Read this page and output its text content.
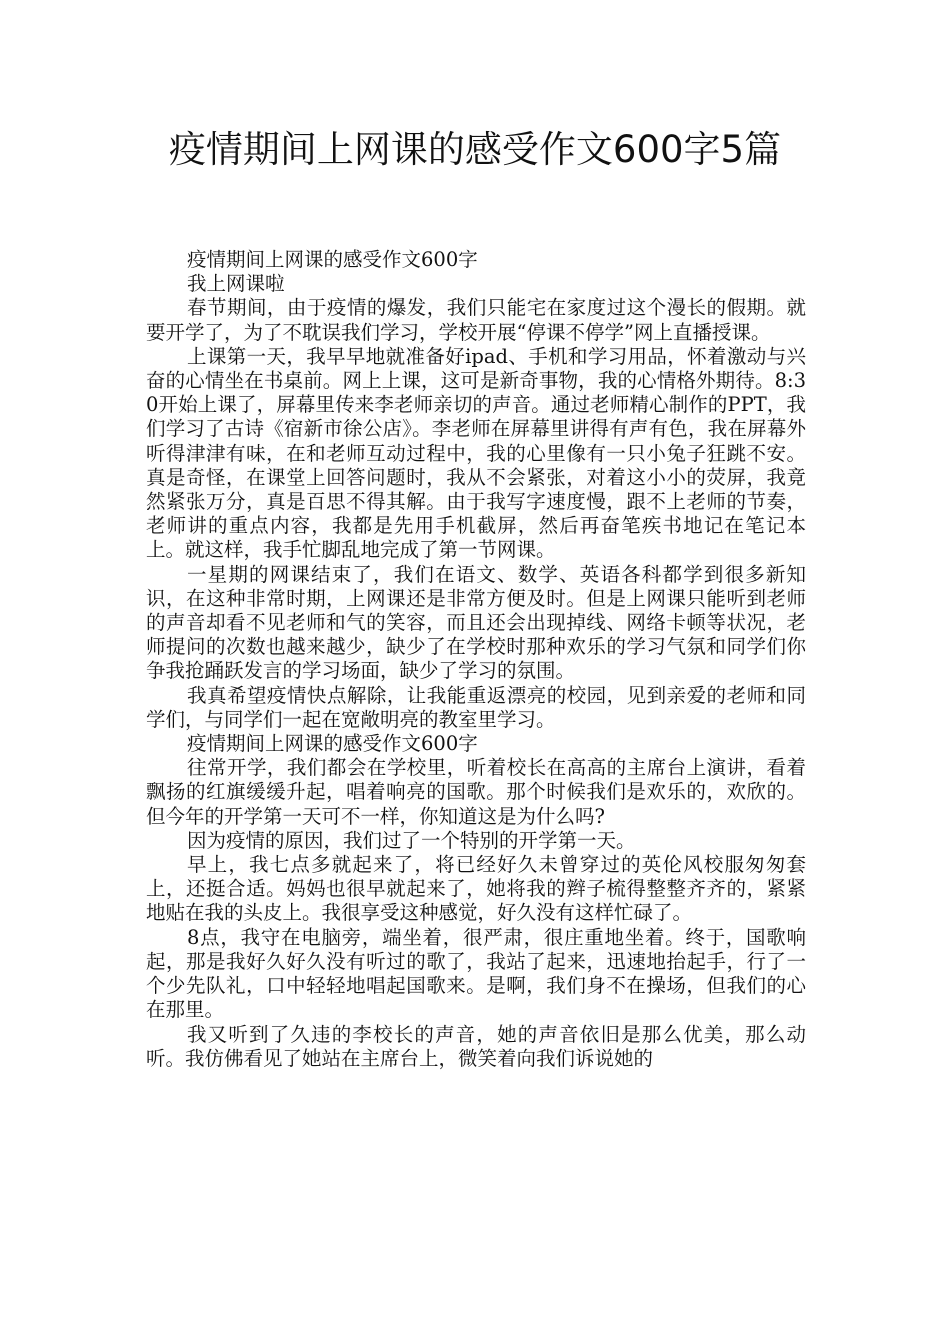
疫情期间上网课的感受作文600字5篇

疫情期间上网课的感受作文600字

我上网课啦

春节期间，由于疫情的爆发，我们只能宅在家度过这个漫长的假期。就要开学了，为了不耽误我们学习，学校开展“停课不停学”网上直播授课。

上课第一天，我早早地就准备好ipad、手机和学习用品，怀着激动与兴奋的心情坐在书桌前。网上上课，这可是新奇事物，我的心情格外期待。8:30开始上课了，屏幕里传来李老师亲切的声音。通过老师精心制作的PPT，我们学习了古诗《宿新市徐公店》。李老师在屏幕里讲得有声有色，我在屏幕外听得津津有味，在和老师互动过程中，我的心里像有一只小兔子狂跳不安。真是奇怪，在课堂上回答问题时，我从不会紧张，对着这小小的荧屏，我竟然紧张万分，真是百思不得其解。由于我写字速度慢，跟不上老师的节奏，老师讲的重点内容，我都是先用手机截屏，然后再奋笔疾书地记在笔记本上。就这样，我手忙脚乱地完成了第一节网课。

一星期的网课结束了，我们在语文、数学、英语各科都学到很多新知识，在这种非常时期，上网课还是非常方便及时。但是上网课只能听到老师的声音却看不见老师和气的笑容，而且还会出现掉线、网络卡顿等状况，老师提问的次数也越来越少，缺少了在学校时那种欢乐的学习气氛和同学们你争我抢踊跃发言的学习场面，缺少了学习的氛围。

我真希望疫情快点解除，让我能重返漂亮的校园，见到亲爱的老师和同学们，与同学们一起在宽敞明亮的教室里学习。

疫情期间上网课的感受作文600字

往常开学，我们都会在学校里，听着校长在高高的主席台上演讲，看着飘扬的红旗缓缓升起，唱着响亮的国歌。那个时候我们是欢乐的，欢欣的。但今年的开学第一天可不一样，你知道这是为什么吗?

因为疫情的原因，我们过了一个特别的开学第一天。

早上，我七点多就起来了，将已经好久未曾穿过的英伦风校服匆匆套上，还挺合适。妈妈也很早就起来了，她将我的辫子梳得整整齐齐的，紧紧地贴在我的头皮上。我很享受这种感觉，好久没有这样忙碌了。

8点，我守在电脑旁，端坐着，很严肃，很庄重地坐着。终于，国歌响起，那是我好久好久没有听过的歌了，我站了起来，迅速地抬起手，行了一个少先队礼，口中轻轻地唱起国歌来。是啊，我们身不在操场，但我们的心在那里。

我又听到了久违的李校长的声音，她的声音依旧是那么优美，那么动听。我仿佛看见了她站在主席台上，微笑着向我们诉说她的
